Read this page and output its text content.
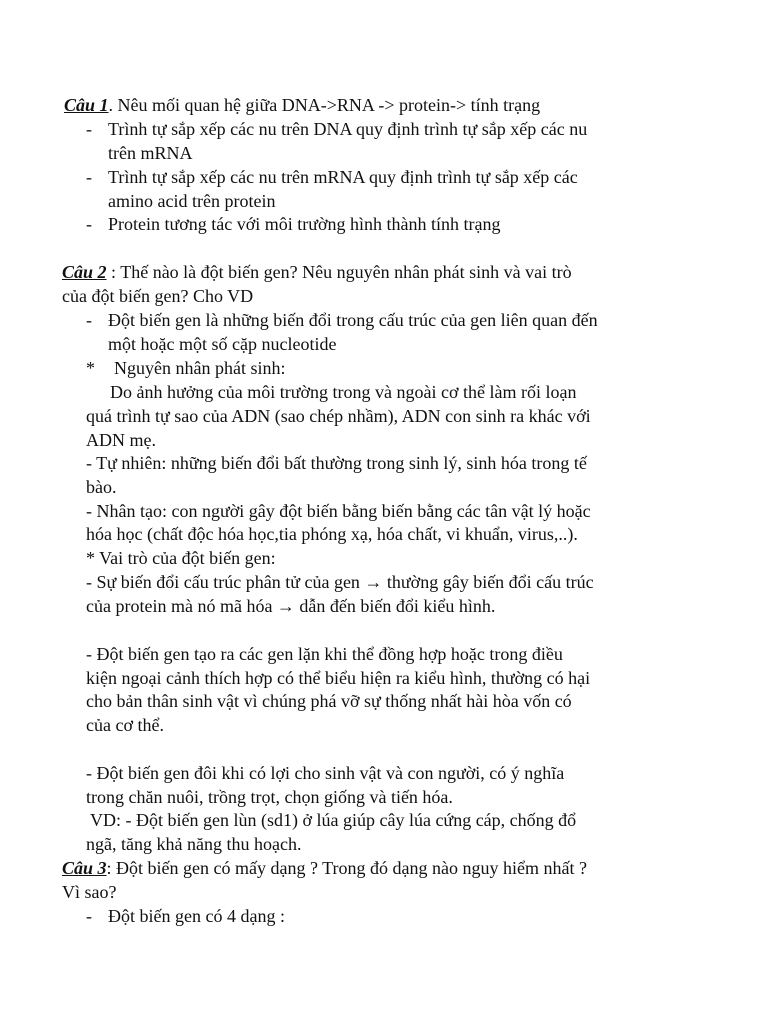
Câu 1. Nêu mối quan hệ giữa DNA->RNA -> protein-> tính trạng
- Trình tự sắp xếp các nu trên DNA quy định trình tự sắp xếp các nu
trên mRNA
- Trình tự sắp xếp các nu trên mRNA quy định trình tự sắp xếp các
amino acid trên protein
- Protein tương tác với môi trường hình thành tính trạng
Câu 2 : Thế nào là đột biến gen? Nêu nguyên nhân phát sinh và vai trò
của đột biến gen? Cho VD
- Đột biến gen là những biến đổi trong cấu trúc của gen liên quan đến
một hoặc một số cặp nucleotide
* Nguyên nhân phát sinh:
Do ảnh hưởng của môi trường trong và ngoài cơ thể làm rối loạn
quá trình tự sao của ADN (sao chép nhầm), ADN con sinh ra khác với
ADN mẹ.
- Tự nhiên: những biến đổi bất thường trong sinh lý, sinh hóa trong tế
bào.
- Nhân tạo: con người gây đột biến bằng biến bằng các tân vật lý hoặc
hóa học (chất độc hóa học,tia phóng xạ, hóa chất, vi khuẩn, virus,..).
* Vai trò của đột biến gen:
- Sự biến đổi cấu trúc phân tử của gen → thường gây biến đổi cấu trúc
của protein mà nó mã hóa → dẫn đến biến đổi kiểu hình.
- Đột biến gen tạo ra các gen lặn khi thể đồng hợp hoặc trong điều
kiện ngoại cảnh thích hợp có thể biểu hiện ra kiểu hình, thường có hại
cho bản thân sinh vật vì chúng phá vỡ sự thống nhất hài hòa vốn có
của cơ thể.
- Đột biến gen đôi khi có lợi cho sinh vật và con người, có ý nghĩa
trong chăn nuôi, trồng trọt, chọn giống và tiến hóa.
VD: - Đột biến gen lùn (sd1) ở lúa giúp cây lúa cứng cáp, chống đổ
ngã, tăng khả năng thu hoạch.
Câu 3: Đột biến gen có mấy dạng ? Trong đó dạng nào nguy hiểm nhất ?
Vì sao?
- Đột biến gen có 4 dạng :
